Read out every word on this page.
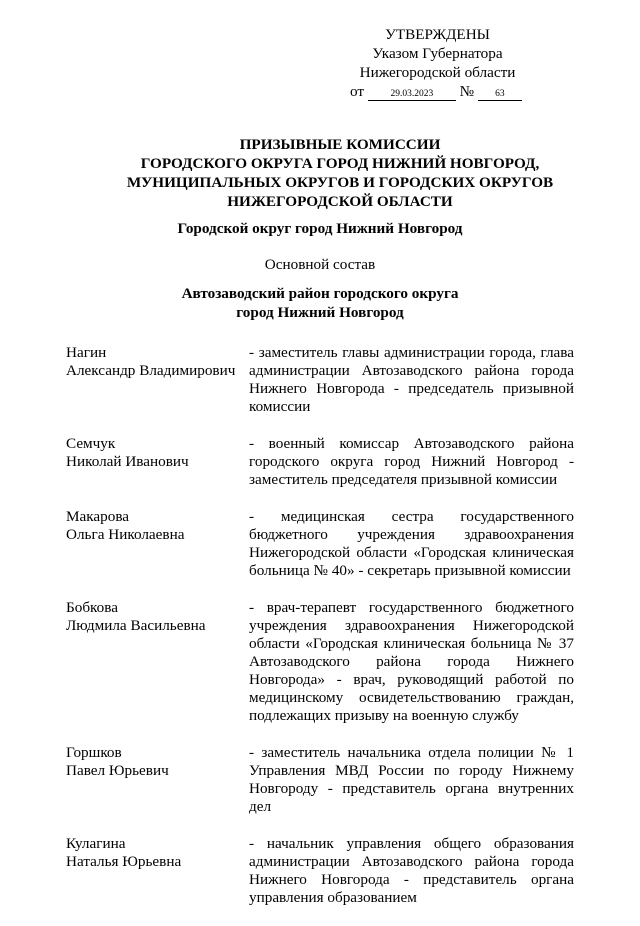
УТВЕРЖДЕНЫ
Указом Губернатора
Нижегородской области
от	29.03.2023 № 63
ПРИЗЫВНЫЕ КОМИССИИ
ГОРОДСКОГО ОКРУГА ГОРОД НИЖНИЙ НОВГОРОД,
МУНИЦИПАЛЬНЫХ ОКРУГОВ И ГОРОДСКИХ ОКРУГОВ
НИЖЕГОРОДСКОЙ ОБЛАСТИ
Городской округ город Нижний Новгород
Основной состав
Автозаводский район городского округа
город Нижний Новгород
Нагин
Александр Владимирович
- заместитель главы администрации города, глава администрации Автозаводского района города Нижнего Новгорода - председатель призывной комиссии
Семчук
Николай Иванович
- военный комиссар Автозаводского района городского округа город Нижний Новгород - заместитель председателя призывной комиссии
Макарова
Ольга Николаевна
- медицинская сестра государственного бюджетного учреждения здравоохранения Нижегородской области «Городская клиническая больница № 40» - секретарь призывной комиссии
Бобкова
Людмила Васильевна
- врач-терапевт государственного бюджетного учреждения здравоохранения Нижегородской области «Городская клиническая больница № 37 Автозаводского района города Нижнего Новгорода» - врач, руководящий работой по медицинскому освидетельствованию граждан, подлежащих призыву на военную службу
Горшков
Павел Юрьевич
- заместитель начальника отдела полиции № 1 Управления МВД России по городу Нижнему Новгороду - представитель органа внутренних дел
Кулагина
Наталья Юрьевна
- начальник управления общего образования администрации Автозаводского района города Нижнего Новгорода - представитель органа управления образованием
